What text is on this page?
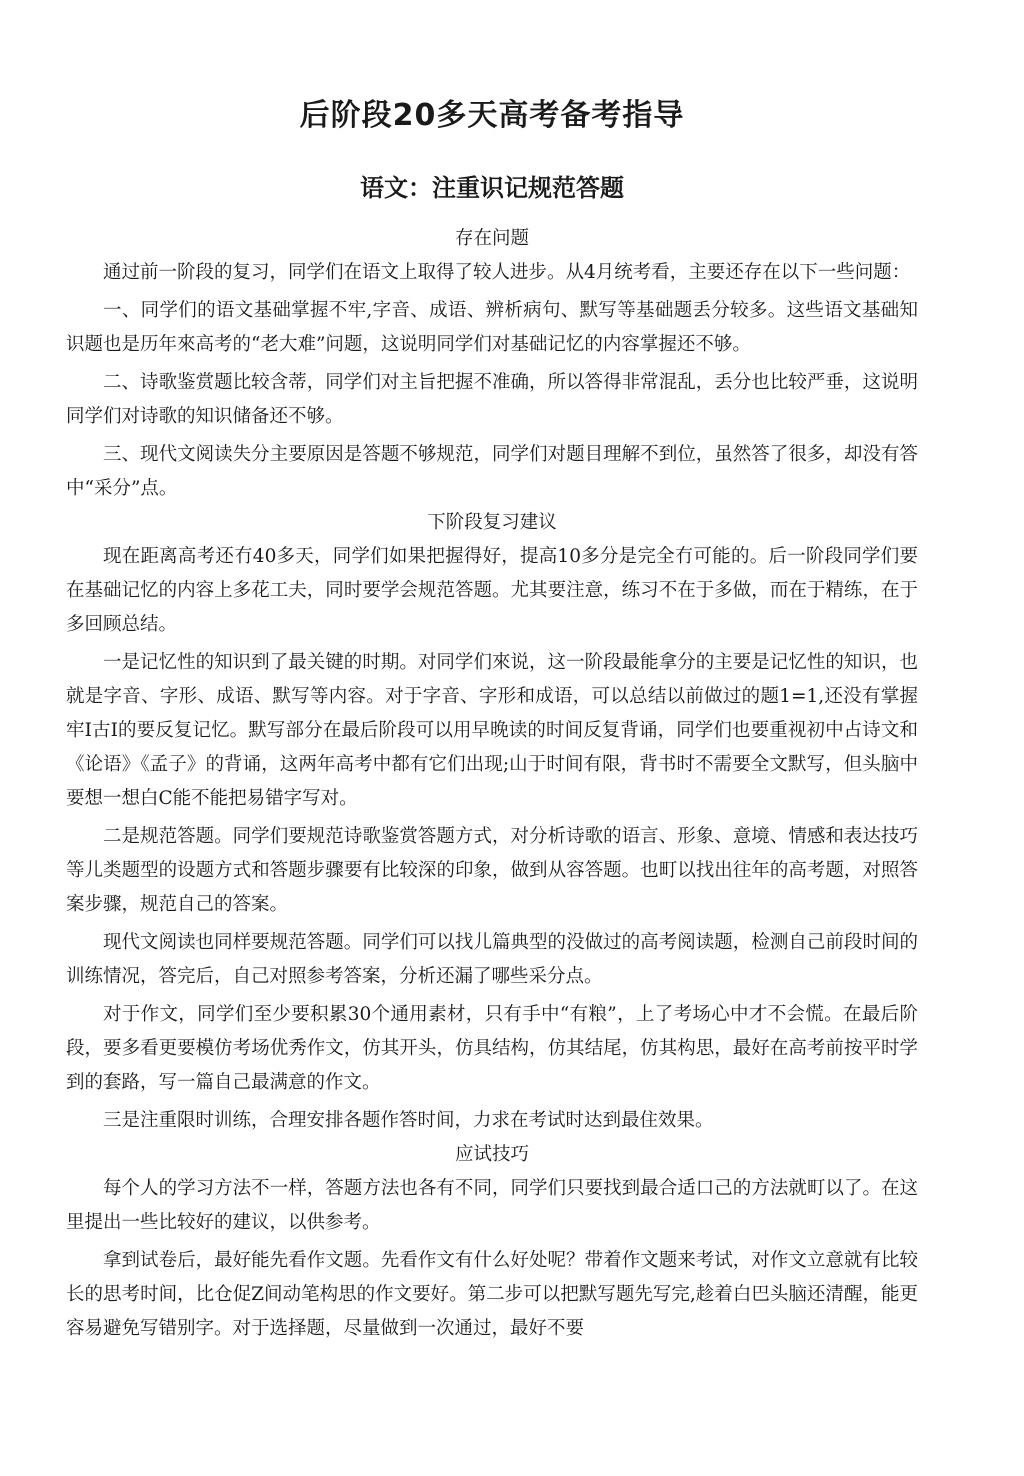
后阶段20多天高考备考指导
语文：注重识记规范答题

存在问题

通过前一阶段的复习，同学们在语文上取得了较人进步。从4月统考看，主要还存在以下一些问题：

一、同学们的语文基础掌握不牢,字音、成语、辨析病句、默写等基础题丢分较多。这些语文基础知识题也是历年來高考的“老大难”问题，这说明同学们对基础记忆的内容掌握还不够。

二、诗歌鉴赏题比较含蒂，同学们对主旨把握不准确，所以答得非常混乱，丢分也比较严垂，这说明同学们对诗歌的知识储备还不够。

三、现代文阅读失分主要原因是答题不够规范，同学们对题目理解不到位，虽然答了很多，却没有答中“采分”点。

下阶段复习建议

现在距离高考还冇40多天，同学们如果把握得好，提高10多分是完全冇可能的。后一阶段同学们要在基础记忆的内容上多花工夫，同时要学会规范答题。尤其要注意，练习不在于多做，而在于精练，在于多回顾总结。

一是记忆性的知识到了最关键的时期。对同学们來说，这一阶段最能拿分的主要是记忆性的知识，也就是字音、字形、成语、默写等内容。对于字音、字形和成语，可以总结以前做过的题1=1,还没有掌握牢I古I的要反复记忆。默写部分在最后阶段可以用早晚读的时间反复背诵，同学们也要重视初中占诗文和《论语》《孟子》的背诵，这两年高考中都有它们出现;山于时间有限，背书时不需要全文默写，但头脑中要想一想白C能不能把易错字写对。

二是规范答题。同学们要规范诗歌鉴赏答题方式，对分析诗歌的语言、形象、意境、情感和表达技巧等儿类题型的设题方式和答题步骤要有比较深的印象，做到从容答题。也町以找出往年的高考题，对照答案步骤，规范自己的答案。

现代文阅读也同样要规范答题。同学们可以找儿篇典型的没做过的高考阅读题，检测自己前段时间的训练情况，答完后，自己对照参考答案，分析还漏了哪些采分点。

对于作文，同学们至少要积累30个通用素材，只有手中“有粮”，上了考场心中才不会慌。在最后阶段，要多看更要模仿考场优秀作文，仿其开头，仿具结构，仿其结尾，仿其构思，最好在高考前按平时学到的套路，写一篇自己最满意的作文。

三是注重限时训练，合理安排各题作答时间，力求在考试时达到最住效果。

应试技巧

每个人的学习方法不一样，答题方法也各有不同，同学们只要找到最合适口己的方法就町以了。在这里提出一些比较好的建议，以供参考。

拿到试卷后，最好能先看作文题。先看作文有什么好处呢？带着作文题来考试，对作文立意就有比较长的思考时间，比仓促Z间动笔构思的作文要好。第二步可以把默写题先写完,趁着白巴头脑还清醒，能更容易避免写错别字。对于选择题，尽量做到一次通过，最好不要
